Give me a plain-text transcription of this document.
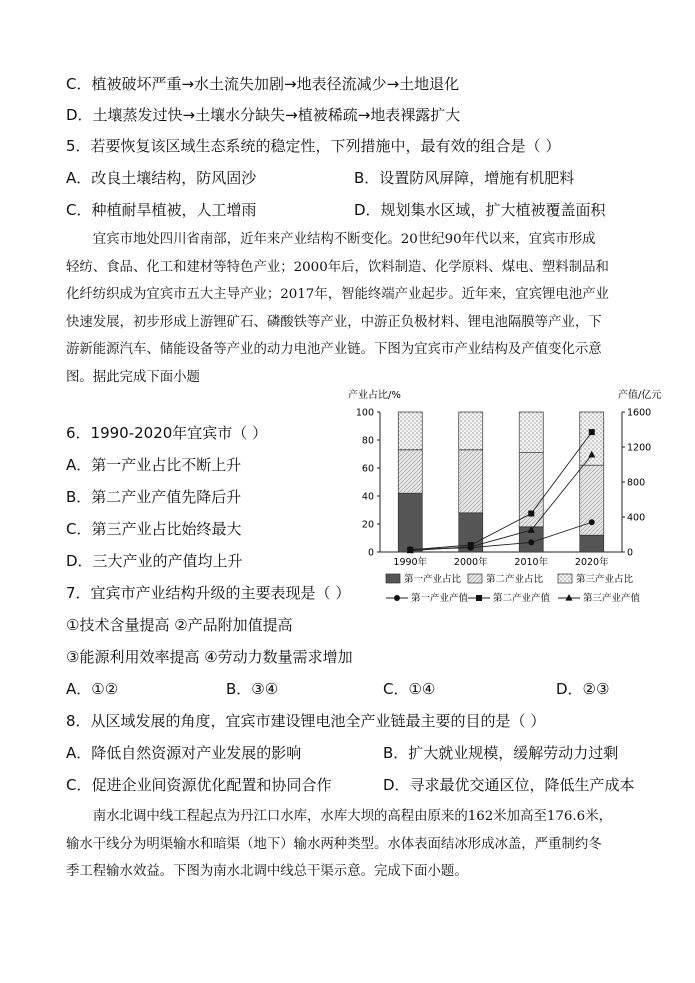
C．植被破坏严重→水土流失加剧→地表径流减少→土地退化
D．土壤蒸发过快→土壤水分缺失→植被稀疏→地表裸露扩大
5．若要恢复该区域生态系统的稳定性，下列措施中，最有效的组合是（ ）
A．改良土壤结构，防风固沙	B．设置防风屏障，增施有机肥料
C．种植耐旱植被，人工增雨	D．规划集水区域，扩大植被覆盖面积
宜宾市地处四川省南部，近年来产业结构不断变化。20世纪90年代以来，宜宾市形成
轻纺、食品、化工和建材等特色产业；2000年后，饮料制造、化学原料、煤电、塑料制品和
化纤纺织成为宜宾市五大主导产业；2017年，智能终端产业起步。近年来，宜宾锂电池产业
快速发展，初步形成上游锂矿石、磷酸铁等产业，中游正负极材料、锂电池隔膜等产业，下
游新能源汽车、储能设备等产业的动力电池产业链。下图为宜宾市产业结构及产值变化示意
图。据此完成下面小题
6．1990-2020年宜宾市（ ）
A．第一产业占比不断上升
B．第二产业产值先降后升
C．第三产业占比始终最大
D．三大产业的产值均上升
7．宜宾市产业结构升级的主要表现是（ ）
①技术含量提高 ②产品附加值提高
③能源利用效率提高 ④劳动力数量需求增加
A．①②	B．③④	C．①④	D．②③
8．从区域发展的角度，宜宾市建设锂电池全产业链最主要的目的是（ ）
A．降低自然资源对产业发展的影响	B．扩大就业规模，缓解劳动力过剩
C．促进企业间资源优化配置和协同合作	D．寻求最优交通区位，降低生产成本
南水北调中线工程起点为丹江口水库，水库大坝的高程由原来的162米加高至176.6米，
输水干线分为明渠输水和暗渠（地下）输水两种类型。水体表面结冰形成冰盖，严重制约冬
季工程输水效益。下图为南水北调中线总干渠示意。完成下面小题。
产业占比/%	产值/亿元
0
20
40
60
80
100
0
400
800
1200
1600
1990年	2000年	2010年	2020年
第一产业占比	第二产业占比	第三产业占比
第一产业产值	第二产业产值	第三产业产值
